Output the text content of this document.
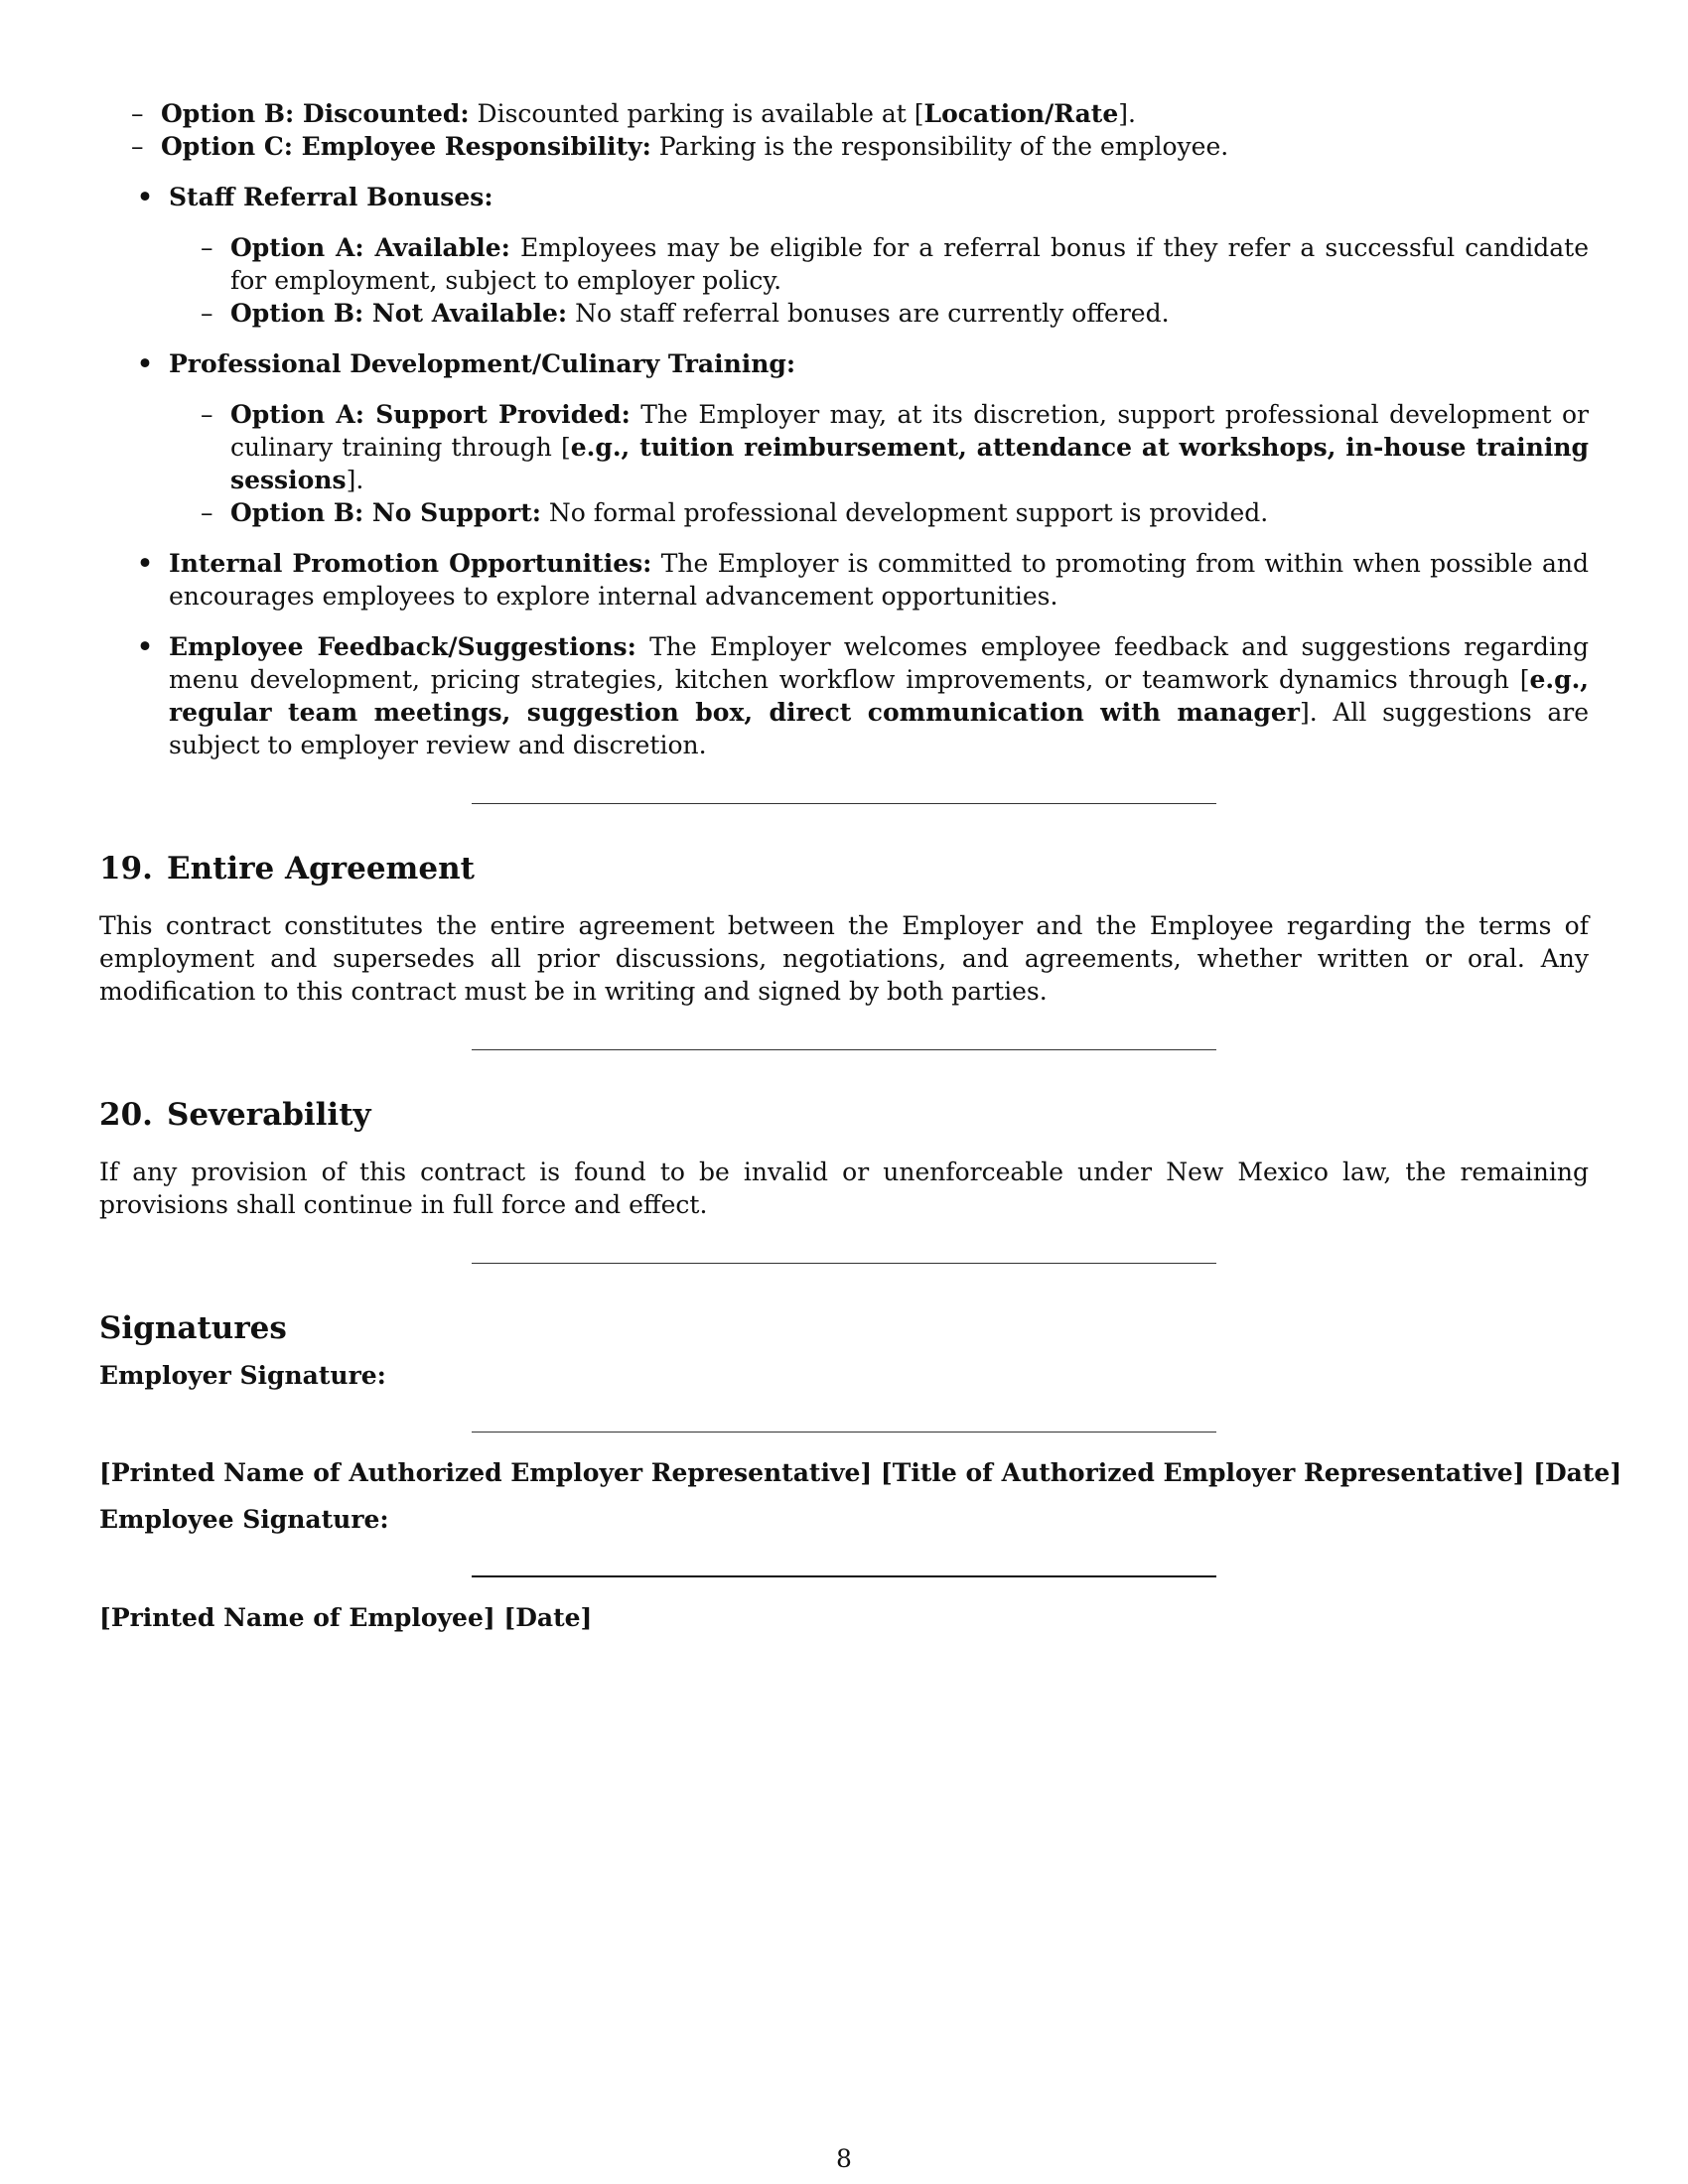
– Option B: Discounted: Discounted parking is available at [Location/Rate].
– Option C: Employee Responsibility: Parking is the responsibility of the employee.
• Staff Referral Bonuses:
– Option A: Available: Employees may be eligible for a referral bonus if they refer a successful candidate for employment, subject to employer policy.
– Option B: Not Available: No staff referral bonuses are currently offered.
• Professional Development/Culinary Training:
– Option A: Support Provided: The Employer may, at its discretion, support professional development or culinary training through [e.g., tuition reimbursement, attendance at workshops, in-house training sessions].
– Option B: No Support: No formal professional development support is provided.
• Internal Promotion Opportunities: The Employer is committed to promoting from within when possible and encourages employees to explore internal advancement opportunities.
• Employee Feedback/Suggestions: The Employer welcomes employee feedback and suggestions regarding menu development, pricing strategies, kitchen workflow improvements, or teamwork dynamics through [e.g., regular team meetings, suggestion box, direct communication with manager]. All suggestions are subject to employer review and discretion.
19. Entire Agreement

This contract constitutes the entire agreement between the Employer and the Employee regarding the terms of employment and supersedes all prior discussions, negotiations, and agreements, whether written or oral. Any modification to this contract must be in writing and signed by both parties.

20. Severability

If any provision of this contract is found to be invalid or unenforceable under New Mexico law, the remaining provisions shall continue in full force and effect.

Signatures

Employer Signature:

[Printed Name of Authorized Employer Representative] [Title of Authorized Employer Representative] [Date]

Employee Signature:

[Printed Name of Employee] [Date]

8
